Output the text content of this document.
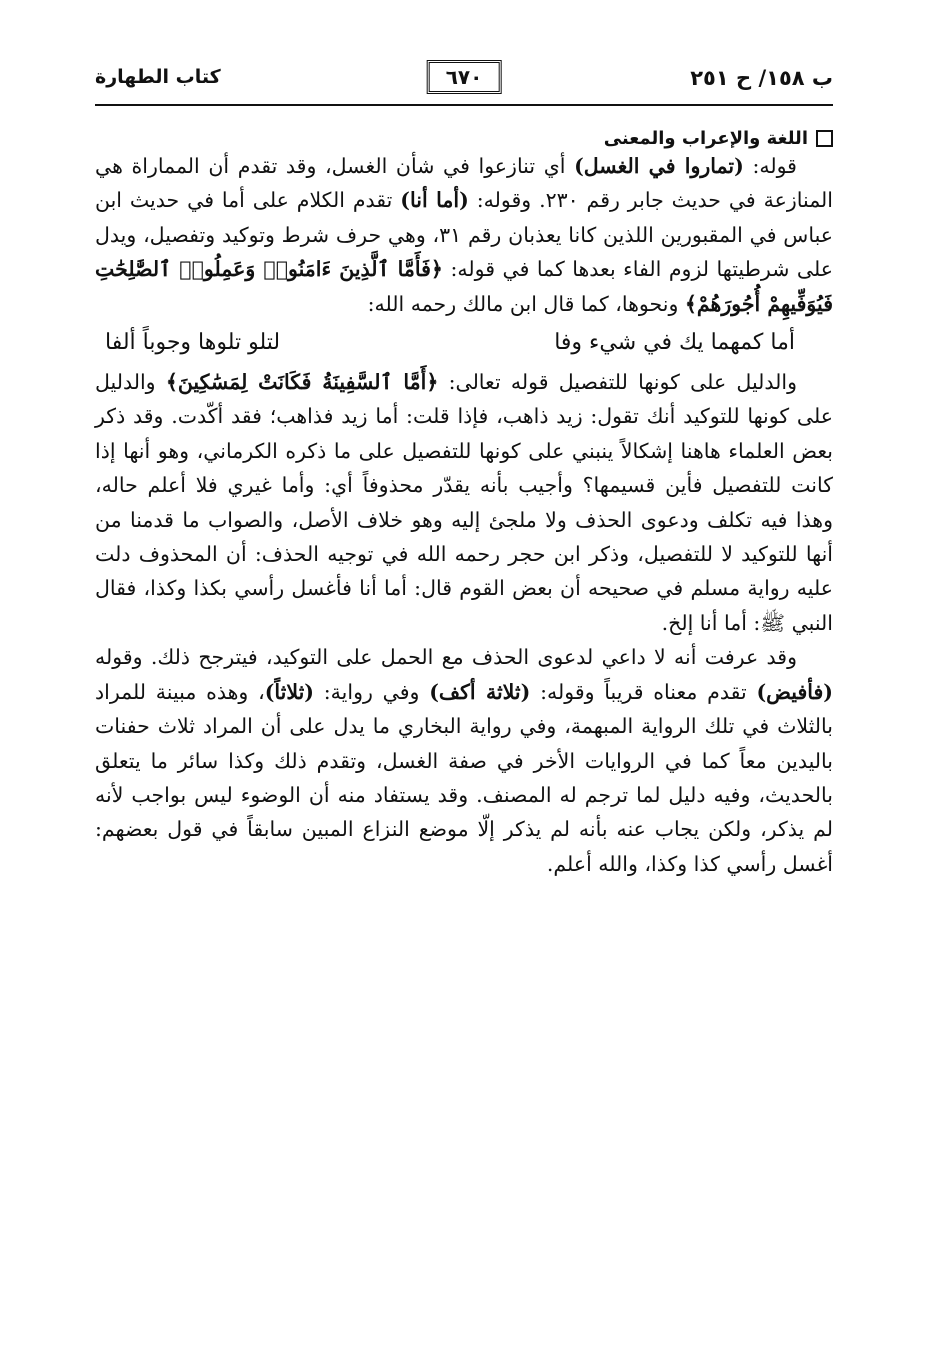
ب ١٥٨/ ح ٢٥١
٦٧٠
كتاب الطهارة
اللغة والإعراب والمعنى

قوله: (تماروا في الغسل) أي تنازعوا في شأن الغسل، وقد تقدم أن المماراة هي المنازعة في حديث جابر رقم ٢٣٠. وقوله: (أما أنا) تقدم الكلام على أما في حديث ابن عباس في المقبورين اللذين كانا يعذبان رقم ٣١، وهي حرف شرط وتوكيد وتفصيل، ويدل على شرطيتها لزوم الفاء بعدها كما في قوله: ﴿فَأَمَّا ٱلَّذِينَ ءَامَنُوا۟ وَعَمِلُوا۟ ٱلصَّٰلِحَٰتِ فَيُوَفِّيهِمْ أُجُورَهُمْ﴾ ونحوها، كما قال ابن مالك رحمه الله:

أما كمهما يك في شيء وفا
لتلو تلوها وجوباً ألفا

والدليل على كونها للتفصيل قوله تعالى: ﴿أَمَّا ٱلسَّفِينَةُ فَكَانَتْ لِمَسَٰكِينَ﴾ والدليل على كونها للتوكيد أنك تقول: زيد ذاهب، فإذا قلت: أما زيد فذاهب؛ فقد أكّدت. وقد ذكر بعض العلماء هاهنا إشكالاً ينبني على كونها للتفصيل على ما ذكره الكرماني، وهو أنها إذا كانت للتفصيل فأين قسيمها؟ وأجيب بأنه يقدّر محذوفاً أي: وأما غيري فلا أعلم حاله، وهذا فيه تكلف ودعوى الحذف ولا ملجئ إليه وهو خلاف الأصل، والصواب ما قدمنا من أنها للتوكيد لا للتفصيل، وذكر ابن حجر رحمه الله في توجيه الحذف: أن المحذوف دلت عليه رواية مسلم في صحيحه أن بعض القوم قال: أما أنا فأغسل رأسي بكذا وكذا، فقال النبي ﷺ: أما أنا إلخ.

وقد عرفت أنه لا داعي لدعوى الحذف مع الحمل على التوكيد، فيترجح ذلك. وقوله (فأفيض) تقدم معناه قريباً وقوله: (ثلاثة أكف) وفي رواية: (ثلاثاً)، وهذه مبينة للمراد بالثلاث في تلك الرواية المبهمة، وفي رواية البخاري ما يدل على أن المراد ثلاث حفنات باليدين معاً كما في الروايات الأخر في صفة الغسل، وتقدم ذلك وكذا سائر ما يتعلق بالحديث، وفيه دليل لما ترجم له المصنف. وقد يستفاد منه أن الوضوء ليس بواجب لأنه لم يذكر، ولكن يجاب عنه بأنه لم يذكر إلّا موضع النزاع المبين سابقاً في قول بعضهم: أغسل رأسي كذا وكذا، والله أعلم.
